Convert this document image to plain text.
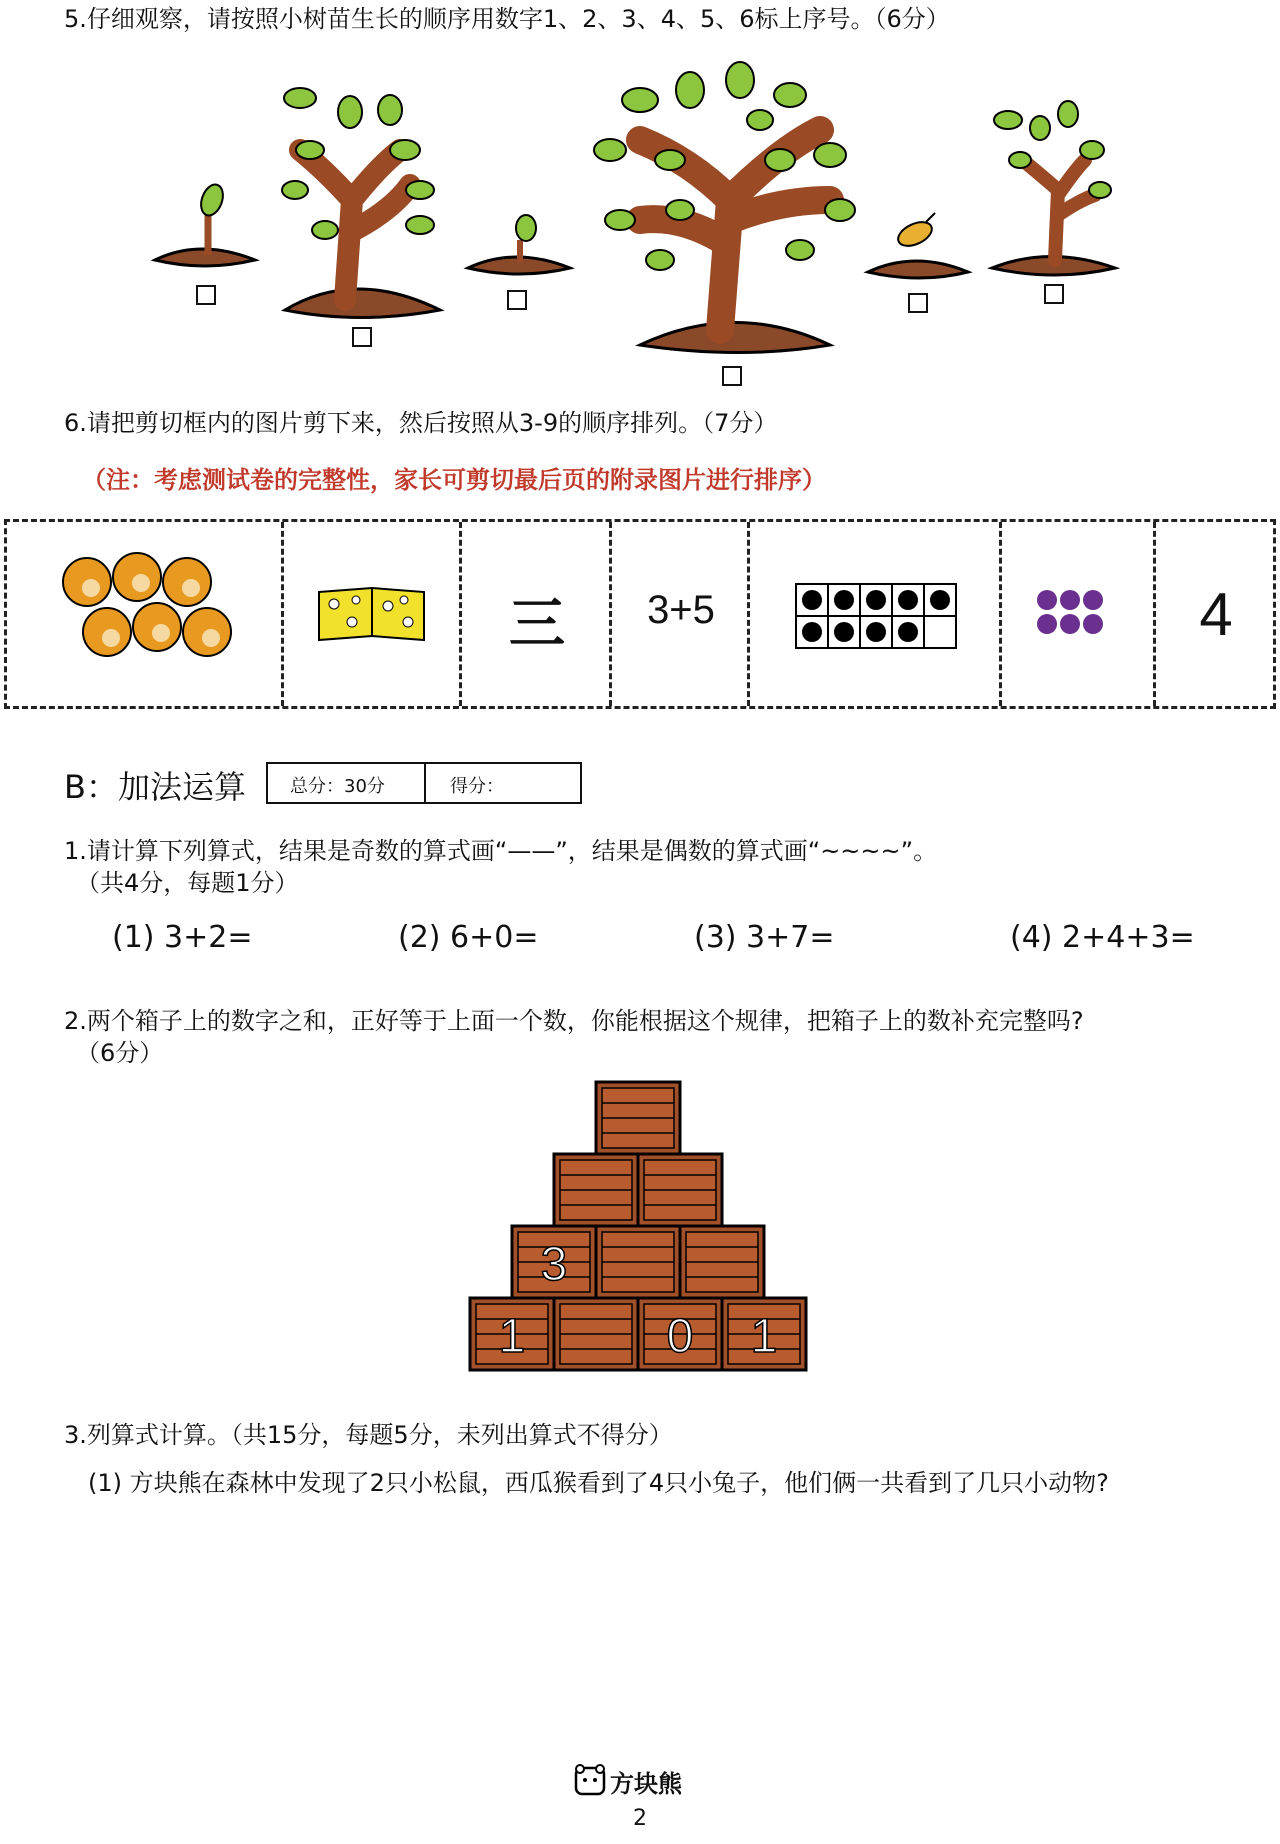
5.仔细观察，请按照小树苗生长的顺序用数字1、2、3、4、5、6标上序号。（6分）
6.请把剪切框内的图片剪下来，然后按照从3-9的顺序排列。（7分）
（注：考虑测试卷的完整性，家长可剪切最后页的附录图片进行排序）
三	3+5	4
B：加法运算 总分：30分	得分：
1.请计算下列算式，结果是奇数的算式画“——”，结果是偶数的算式画“~~~~”。
（共4分，每题1分）
(1) 3+2=	(2) 6+0=	(3) 3+7=	(4) 2+4+3=
2.两个箱子上的数字之和，正好等于上面一个数，你能根据这个规律，把箱子上的数补充完整吗?
（6分）
3
1	0 1
3.列算式计算。（共15分，每题5分，未列出算式不得分）
(1) 方块熊在森林中发现了2只小松鼠，西瓜猴看到了4只小兔子，他们俩一共看到了几只小动物?
方块熊
2
